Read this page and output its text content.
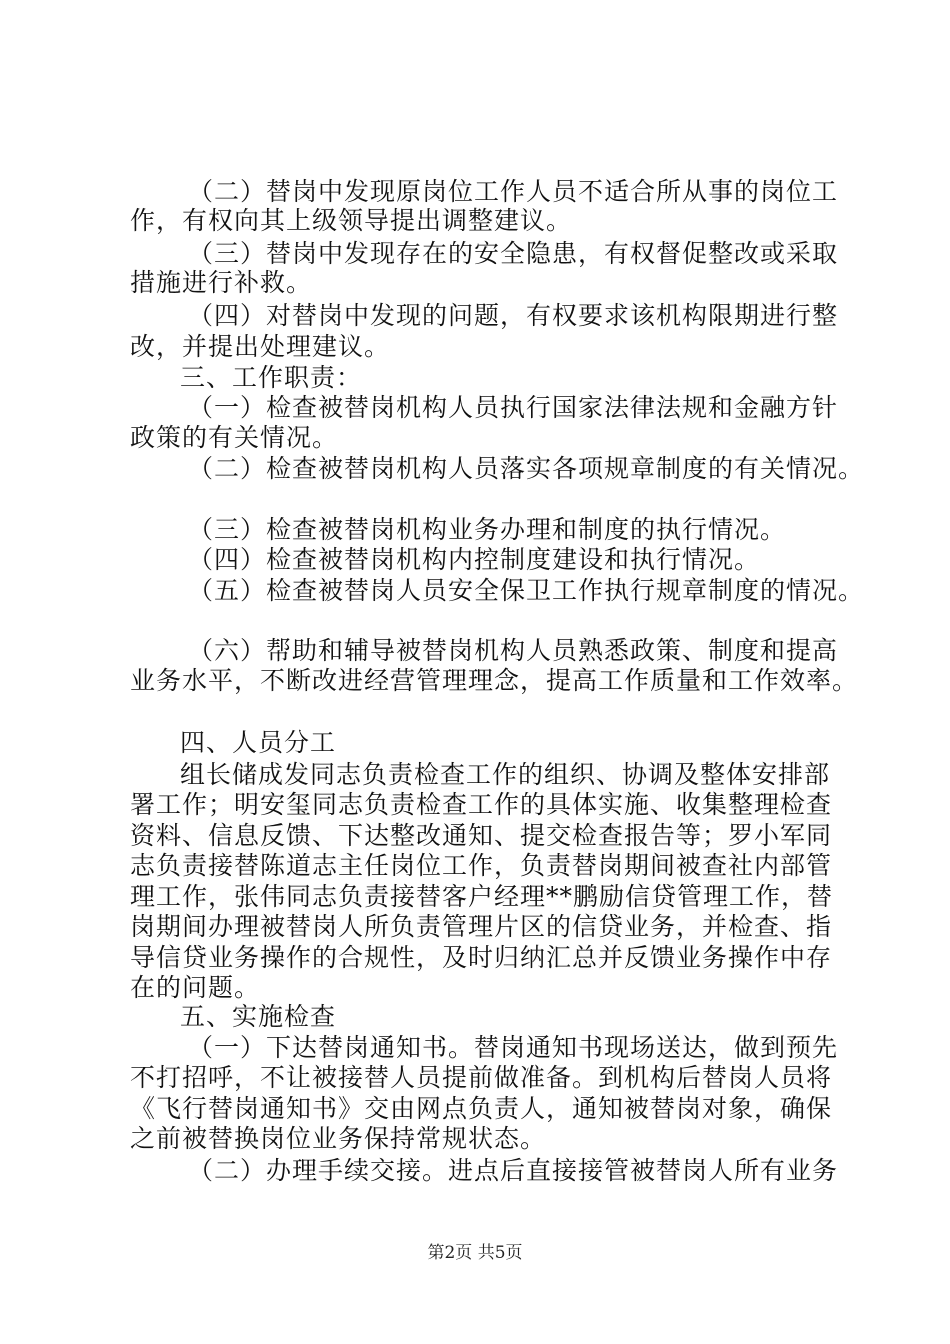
（二）替岗中发现原岗位工作人员不适合所从事的岗位工
作，有权向其上级领导提出调整建议。
（三）替岗中发现存在的安全隐患，有权督促整改或采取
措施进行补救。
（四）对替岗中发现的问题，有权要求该机构限期进行整
改，并提出处理建议。
三、工作职责：
（一）检查被替岗机构人员执行国家法律法规和金融方针
政策的有关情况。
（二）检查被替岗机构人员落实各项规章制度的有关情况。
（三）检查被替岗机构业务办理和制度的执行情况。
（四）检查被替岗机构内控制度建设和执行情况。
（五）检查被替岗人员安全保卫工作执行规章制度的情况。
（六）帮助和辅导被替岗机构人员熟悉政策、制度和提高
业务水平，不断改进经营管理理念，提高工作质量和工作效率。
四、人员分工
组长储成发同志负责检查工作的组织、协调及整体安排部
署工作；明安玺同志负责检查工作的具体实施、收集整理检查
资料、信息反馈、下达整改通知、提交检查报告等；罗小军同
志负责接替陈道志主任岗位工作，负责替岗期间被查社内部管
理工作，张伟同志负责接替客户经理**鹏励信贷管理工作，替
岗期间办理被替岗人所负责管理片区的信贷业务，并检查、指
导信贷业务操作的合规性，及时归纳汇总并反馈业务操作中存
在的问题。
五、实施检查
（一）下达替岗通知书。替岗通知书现场送达，做到预先
不打招呼，不让被接替人员提前做准备。到机构后替岗人员将
《飞行替岗通知书》交由网点负责人，通知被替岗对象，确保
之前被替换岗位业务保持常规状态。
（二）办理手续交接。进点后直接接管被替岗人所有业务
第2页 共5页
